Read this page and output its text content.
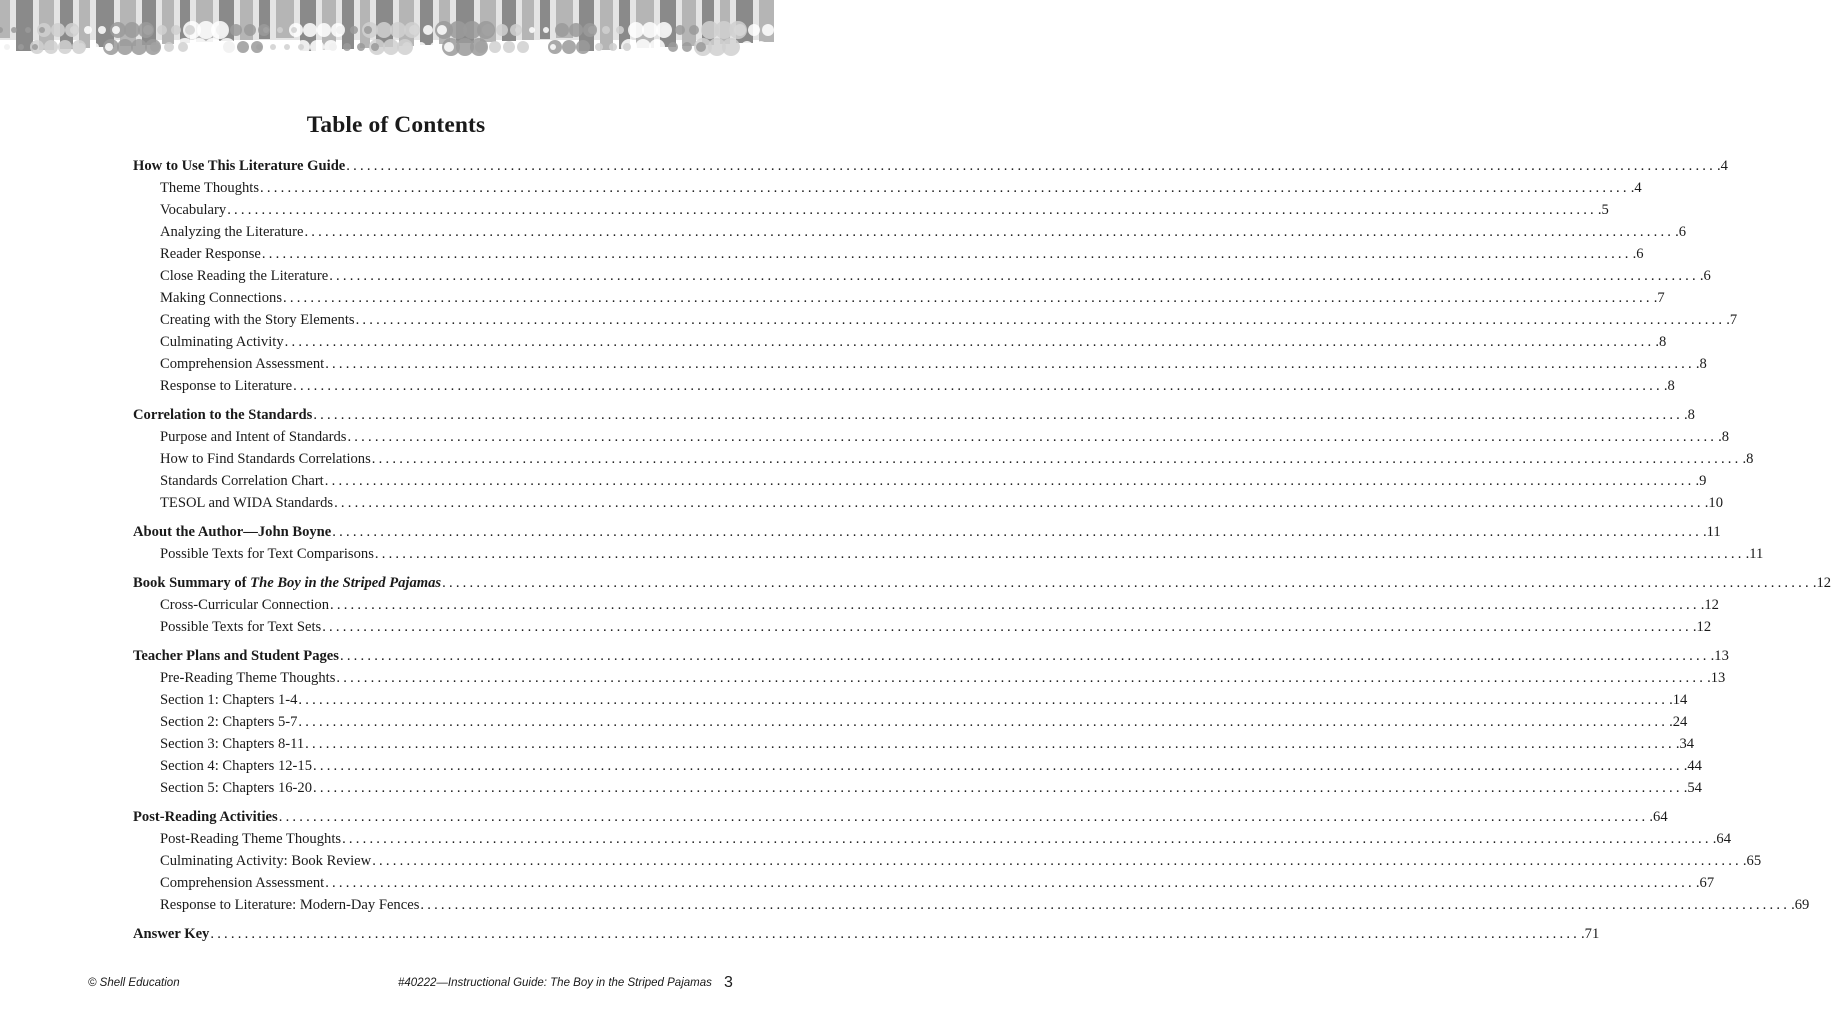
Table of Contents
How to Use This Literature Guide ........................................................................................................................................................................................................ .4
Theme Thoughts ........................................................................................................................................................................................................ .4
Vocabulary ........................................................................................................................................................................................................ .5
Analyzing the Literature ........................................................................................................................................................................................................ .6
Reader Response ........................................................................................................................................................................................................ .6
Close Reading the Literature ........................................................................................................................................................................................................ .6
Making Connections ........................................................................................................................................................................................................ .7
Creating with the Story Elements ........................................................................................................................................................................................................ .7
Culminating Activity ........................................................................................................................................................................................................ .8
Comprehension Assessment ........................................................................................................................................................................................................ .8
Response to Literature ........................................................................................................................................................................................................ .8
Correlation to the Standards ........................................................................................................................................................................................................ .8
Purpose and Intent of Standards ........................................................................................................................................................................................................ .8
How to Find Standards Correlations ........................................................................................................................................................................................................ .8
Standards Correlation Chart ........................................................................................................................................................................................................ .9
TESOL and WIDA Standards ........................................................................................................................................................................................................ .10
About the Author—John Boyne ........................................................................................................................................................................................................ .11
Possible Texts for Text Comparisons ........................................................................................................................................................................................................ .11
Book Summary of The Boy in the Striped Pajamas ........................................................................................................................................................................................................ .12
Cross-Curricular Connection ........................................................................................................................................................................................................ .12
Possible Texts for Text Sets ........................................................................................................................................................................................................ .12
Teacher Plans and Student Pages ........................................................................................................................................................................................................ .13
Pre-Reading Theme Thoughts ........................................................................................................................................................................................................ .13
Section 1: Chapters 1-4 ........................................................................................................................................................................................................ .14
Section 2: Chapters 5-7 ........................................................................................................................................................................................................ .24
Section 3: Chapters 8-11 ........................................................................................................................................................................................................ .34
Section 4: Chapters 12-15 ........................................................................................................................................................................................................ .44
Section 5: Chapters 16-20 ........................................................................................................................................................................................................ .54
Post-Reading Activities ........................................................................................................................................................................................................ .64
Post-Reading Theme Thoughts ........................................................................................................................................................................................................ .64
Culminating Activity: Book Review ........................................................................................................................................................................................................ .65
Comprehension Assessment ........................................................................................................................................................................................................ .67
Response to Literature: Modern-Day Fences ........................................................................................................................................................................................................ .69
Answer Key ........................................................................................................................................................................................................ .71
© Shell Education	#40222—Instructional Guide: The Boy in the Striped Pajamas 3
